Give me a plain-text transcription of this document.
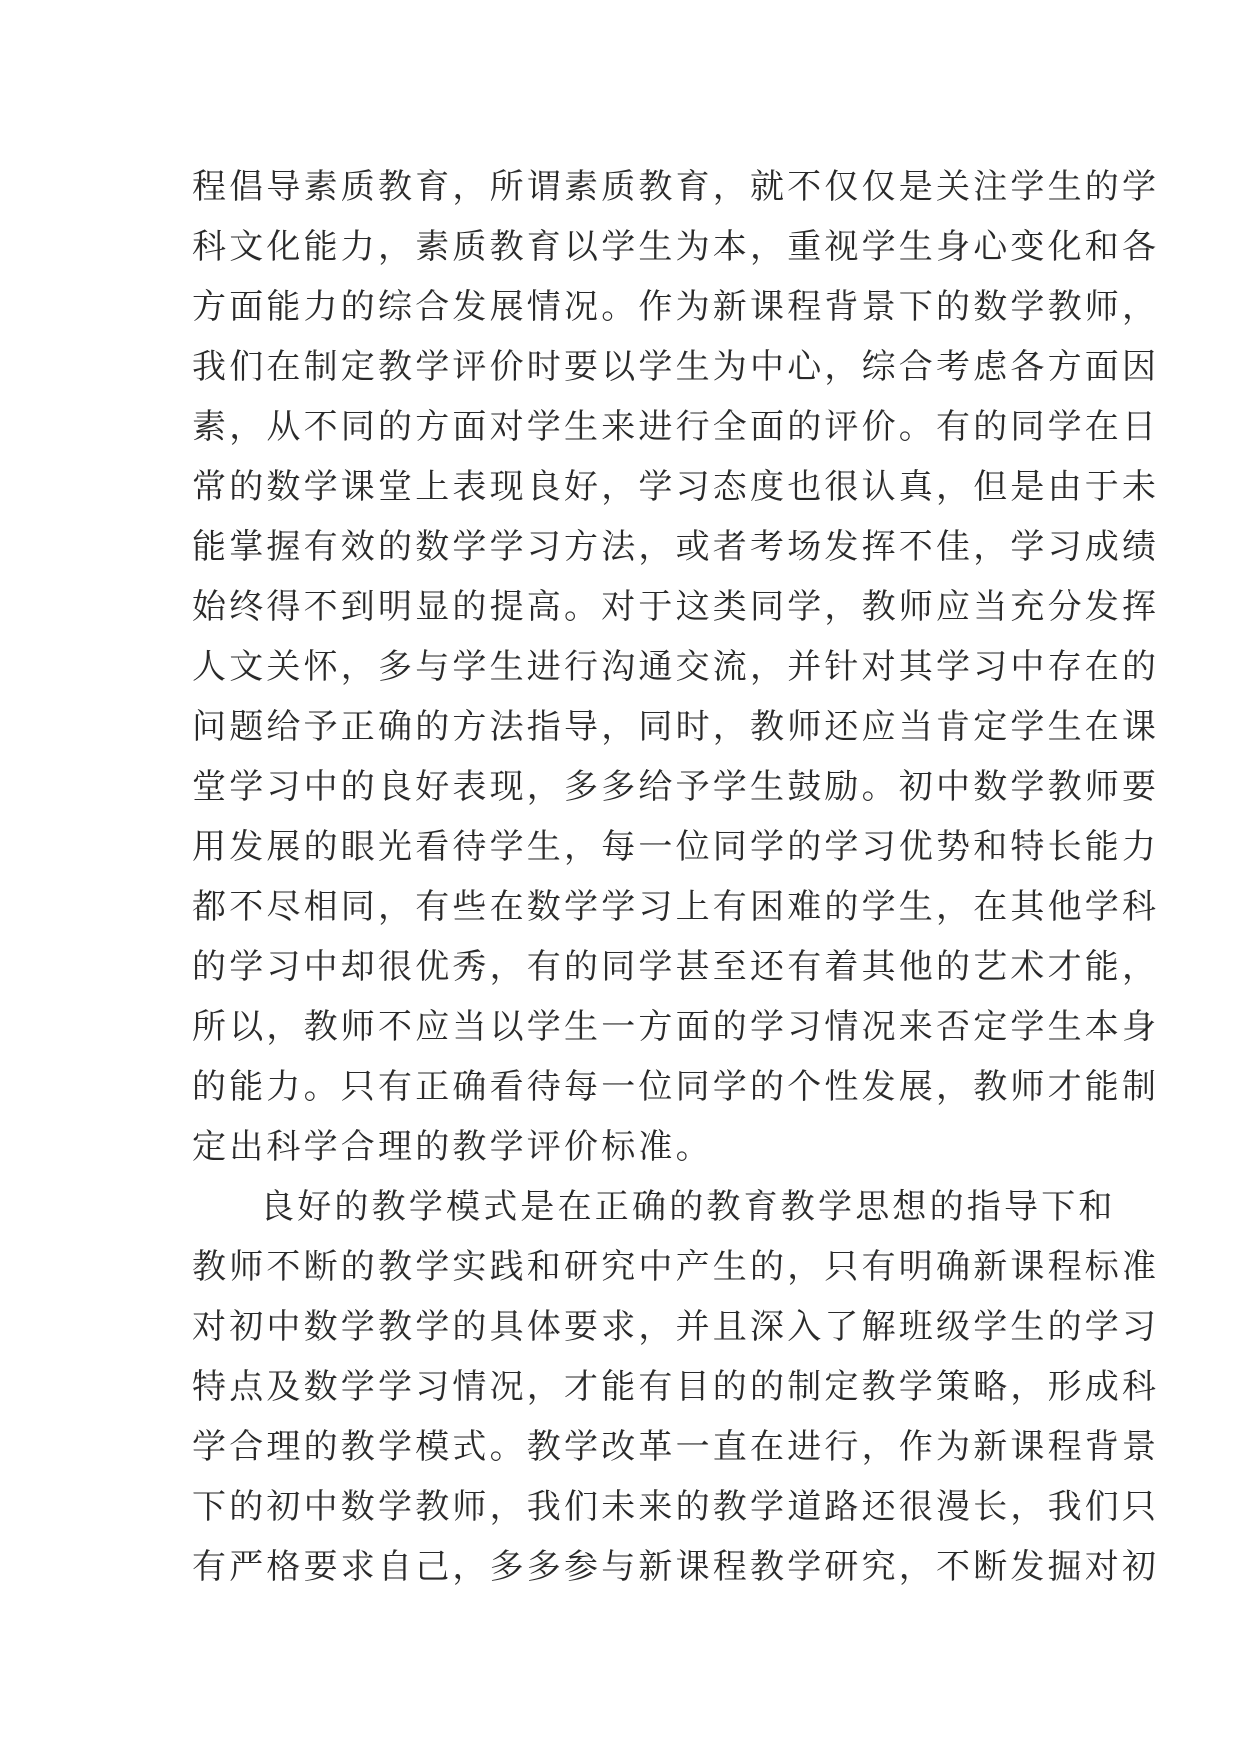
程倡导素质教育，所谓素质教育，就不仅仅是关注学生的学
科文化能力，素质教育以学生为本，重视学生身心变化和各
方面能力的综合发展情况。作为新课程背景下的数学教师，
我们在制定教学评价时要以学生为中心，综合考虑各方面因
素，从不同的方面对学生来进行全面的评价。有的同学在日
常的数学课堂上表现良好，学习态度也很认真，但是由于未
能掌握有效的数学学习方法，或者考场发挥不佳，学习成绩
始终得不到明显的提高。对于这类同学，教师应当充分发挥
人文关怀，多与学生进行沟通交流，并针对其学习中存在的
问题给予正确的方法指导，同时，教师还应当肯定学生在课
堂学习中的良好表现，多多给予学生鼓励。初中数学教师要
用发展的眼光看待学生，每一位同学的学习优势和特长能力
都不尽相同，有些在数学学习上有困难的学生，在其他学科
的学习中却很优秀，有的同学甚至还有着其他的艺术才能，
所以，教师不应当以学生一方面的学习情况来否定学生本身
的能力。只有正确看待每一位同学的个性发展，教师才能制
定出科学合理的教学评价标准。
良好的教学模式是在正确的教育教学思想的指导下和
教师不断的教学实践和研究中产生的，只有明确新课程标准
对初中数学教学的具体要求，并且深入了解班级学生的学习
特点及数学学习情况，才能有目的的制定教学策略，形成科
学合理的教学模式。教学改革一直在进行，作为新课程背景
下的初中数学教师，我们未来的教学道路还很漫长，我们只
有严格要求自己，多多参与新课程教学研究，不断发掘对初
